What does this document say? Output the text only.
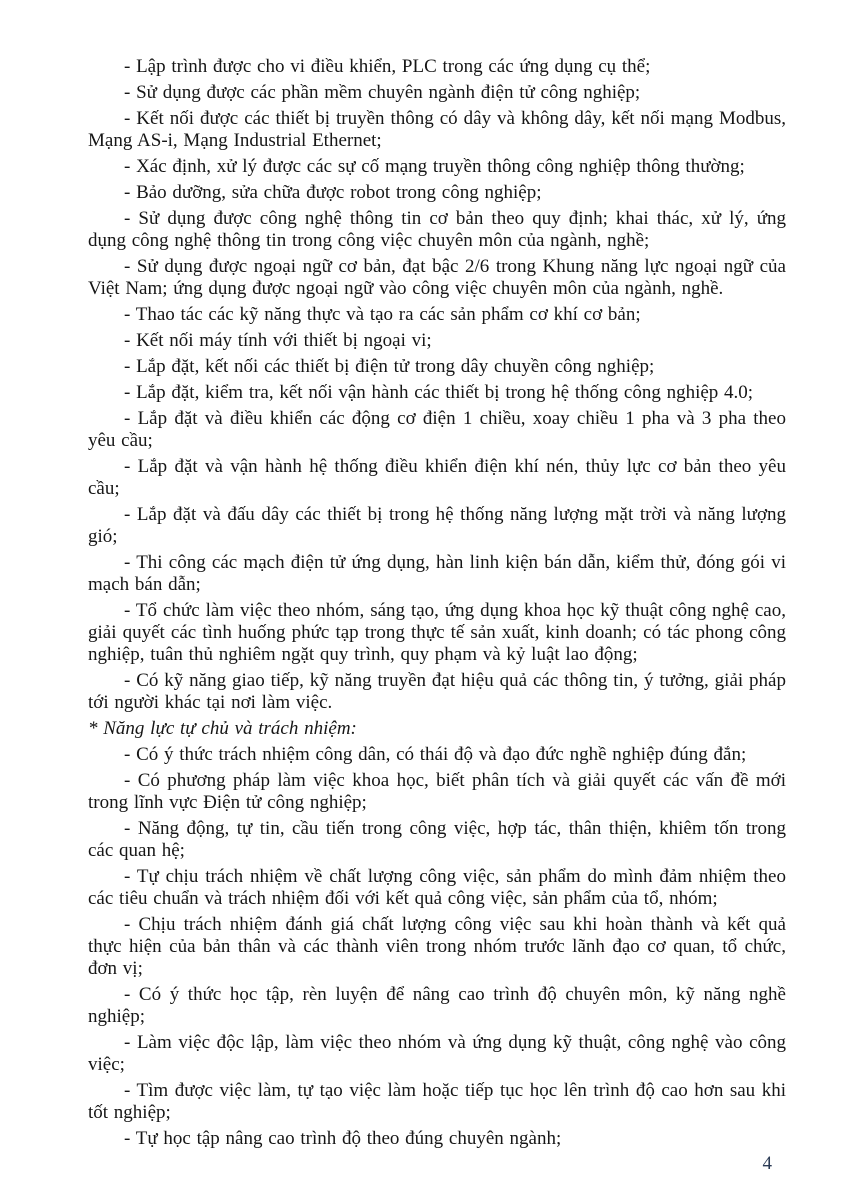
- Lập trình được cho vi điều khiển, PLC trong các ứng dụng cụ thể;

- Sử dụng được các phần mềm chuyên ngành điện tử công nghiệp;

- Kết nối được các thiết bị truyền thông có dây và không dây, kết nối mạng Modbus, Mạng AS-i, Mạng Industrial Ethernet;

- Xác định, xử lý được các sự cố mạng truyền thông công nghiệp thông thường;

- Bảo dưỡng, sửa chữa được robot trong công nghiệp;

- Sử dụng được công nghệ thông tin cơ bản theo quy định; khai thác, xử lý, ứng dụng công nghệ thông tin trong công việc chuyên môn của ngành, nghề;

- Sử dụng được ngoại ngữ cơ bản, đạt bậc 2/6 trong Khung năng lực ngoại ngữ của Việt Nam; ứng dụng được ngoại ngữ vào công việc chuyên môn của ngành, nghề.

- Thao tác các kỹ năng thực và tạo ra các sản phẩm cơ khí cơ bản;

- Kết nối máy tính với thiết bị ngoại vi;

- Lắp đặt, kết nối các thiết bị điện tử trong dây chuyền công nghiệp;

- Lắp đặt, kiểm tra, kết nối vận hành các thiết bị trong hệ thống công nghiệp 4.0;

- Lắp đặt và điều khiển các động cơ điện 1 chiều, xoay chiều 1 pha và 3 pha theo yêu cầu;

- Lắp đặt và vận hành hệ thống điều khiển điện khí nén, thủy lực cơ bản theo yêu cầu;

- Lắp đặt và đấu dây các thiết bị trong hệ thống năng lượng mặt trời và năng lượng gió;

- Thi công các mạch điện tử ứng dụng, hàn linh kiện bán dẫn, kiểm thử, đóng gói vi mạch bán dẫn;

- Tổ chức làm việc theo nhóm, sáng tạo, ứng dụng khoa học kỹ thuật công nghệ cao, giải quyết các tình huống phức tạp trong thực tế sản xuất, kinh doanh; có tác phong công nghiệp, tuân thủ nghiêm ngặt quy trình, quy phạm và kỷ luật lao động;

- Có kỹ năng giao tiếp, kỹ năng truyền đạt hiệu quả các thông tin, ý tưởng, giải pháp tới người khác tại nơi làm việc.

* Năng lực tự chủ và trách nhiệm:

- Có ý thức trách nhiệm công dân, có thái độ và đạo đức nghề nghiệp đúng đắn;

- Có phương pháp làm việc khoa học, biết phân tích và giải quyết các vấn đề mới trong lĩnh vực Điện tử công nghiệp;

- Năng động, tự tin, cầu tiến trong công việc, hợp tác, thân thiện, khiêm tốn trong các quan hệ;

- Tự chịu trách nhiệm về chất lượng công việc, sản phẩm do mình đảm nhiệm theo các tiêu chuẩn và trách nhiệm đối với kết quả công việc, sản phẩm của tổ, nhóm;

- Chịu trách nhiệm đánh giá chất lượng công việc sau khi hoàn thành và kết quả thực hiện của bản thân và các thành viên trong nhóm trước lãnh đạo cơ quan, tổ chức, đơn vị;

- Có ý thức học tập, rèn luyện để nâng cao trình độ chuyên môn, kỹ năng nghề nghiệp;

- Làm việc độc lập, làm việc theo nhóm và ứng dụng kỹ thuật, công nghệ vào công việc;

- Tìm được việc làm, tự tạo việc làm hoặc tiếp tục học lên trình độ cao hơn sau khi tốt nghiệp;

- Tự học tập nâng cao trình độ theo đúng chuyên ngành;

4
